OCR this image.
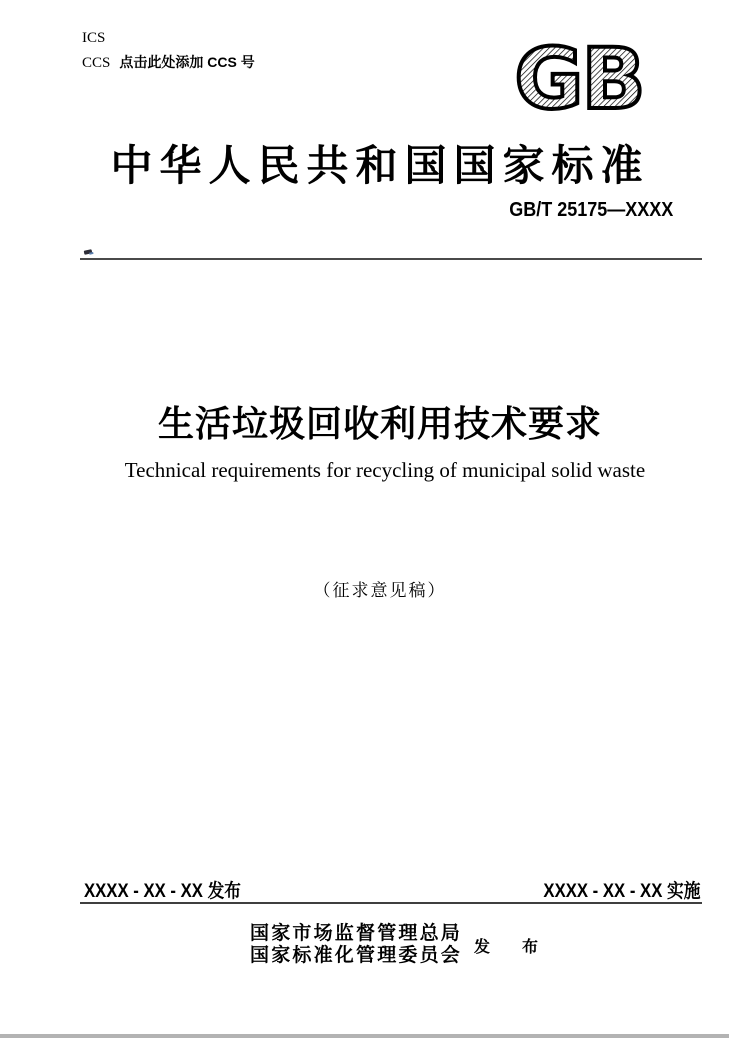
ICS
CCS 点击此处添加 CCS 号	GB
中华人民共和国国家标准
GB/T 25175—XXXX
生活垃圾回收利用技术要求
Technical requirements for recycling of municipal solid waste
（征求意见稿）
XXXX - XX - XX 发布	XXXX - XX - XX 实施
国家市场监督管理总局
国家标准化管理委员会 发 布
